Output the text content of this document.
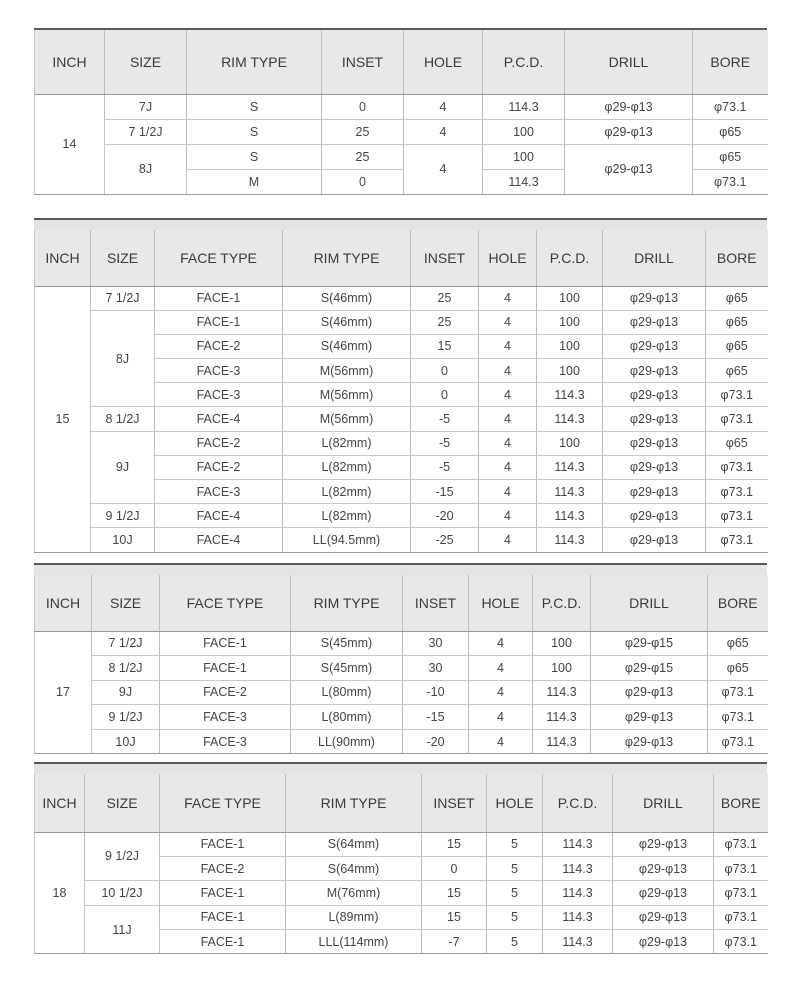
INCH	SIZE	RIM TYPE	INSET	HOLE	P.C.D.	DRILL	BORE
14	7J	S	0	4	114.3	φ29-φ13	φ73.1
	7 1/2J	S	25	4	100	φ29-φ13	φ65
	8J	S	25	4	100	φ29-φ13	φ65
		M	0		114.3		φ73.1
INCH	SIZE	FACE TYPE	RIM TYPE	INSET	HOLE	P.C.D.	DRILL	BORE
15	7 1/2J	FACE-1	S(46mm)	25	4	100	φ29-φ13	φ65
	8J	FACE-1	S(46mm)	25	4	100	φ29-φ13	φ65
		FACE-2	S(46mm)	15	4	100	φ29-φ13	φ65
		FACE-3	M(56mm)	0	4	100	φ29-φ13	φ65
		FACE-3	M(56mm)	0	4	114.3	φ29-φ13	φ73.1
	8 1/2J	FACE-4	M(56mm)	-5	4	114.3	φ29-φ13	φ73.1
	9J	FACE-2	L(82mm)	-5	4	100	φ29-φ13	φ65
		FACE-2	L(82mm)	-5	4	114.3	φ29-φ13	φ73.1
		FACE-3	L(82mm)	-15	4	114.3	φ29-φ13	φ73.1
	9 1/2J	FACE-4	L(82mm)	-20	4	114.3	φ29-φ13	φ73.1
	10J	FACE-4	LL(94.5mm)	-25	4	114.3	φ29-φ13	φ73.1
INCH	SIZE	FACE TYPE	RIM TYPE	INSET	HOLE	P.C.D.	DRILL	BORE
17	7 1/2J	FACE-1	S(45mm)	30	4	100	φ29-φ15	φ65
	8 1/2J	FACE-1	S(45mm)	30	4	100	φ29-φ15	φ65
	9J	FACE-2	L(80mm)	-10	4	114.3	φ29-φ13	φ73.1
	9 1/2J	FACE-3	L(80mm)	-15	4	114.3	φ29-φ13	φ73.1
	10J	FACE-3	LL(90mm)	-20	4	114.3	φ29-φ13	φ73.1
INCH	SIZE	FACE TYPE	RIM TYPE	INSET	HOLE	P.C.D.	DRILL	BORE
18	9 1/2J	FACE-1	S(64mm)	15	5	114.3	φ29-φ13	φ73.1
		FACE-2	S(64mm)	0	5	114.3	φ29-φ13	φ73.1
	10 1/2J	FACE-1	M(76mm)	15	5	114.3	φ29-φ13	φ73.1
	11J	FACE-1	L(89mm)	15	5	114.3	φ29-φ13	φ73.1
		FACE-1	LLL(114mm)	-7	5	114.3	φ29-φ13	φ73.1
